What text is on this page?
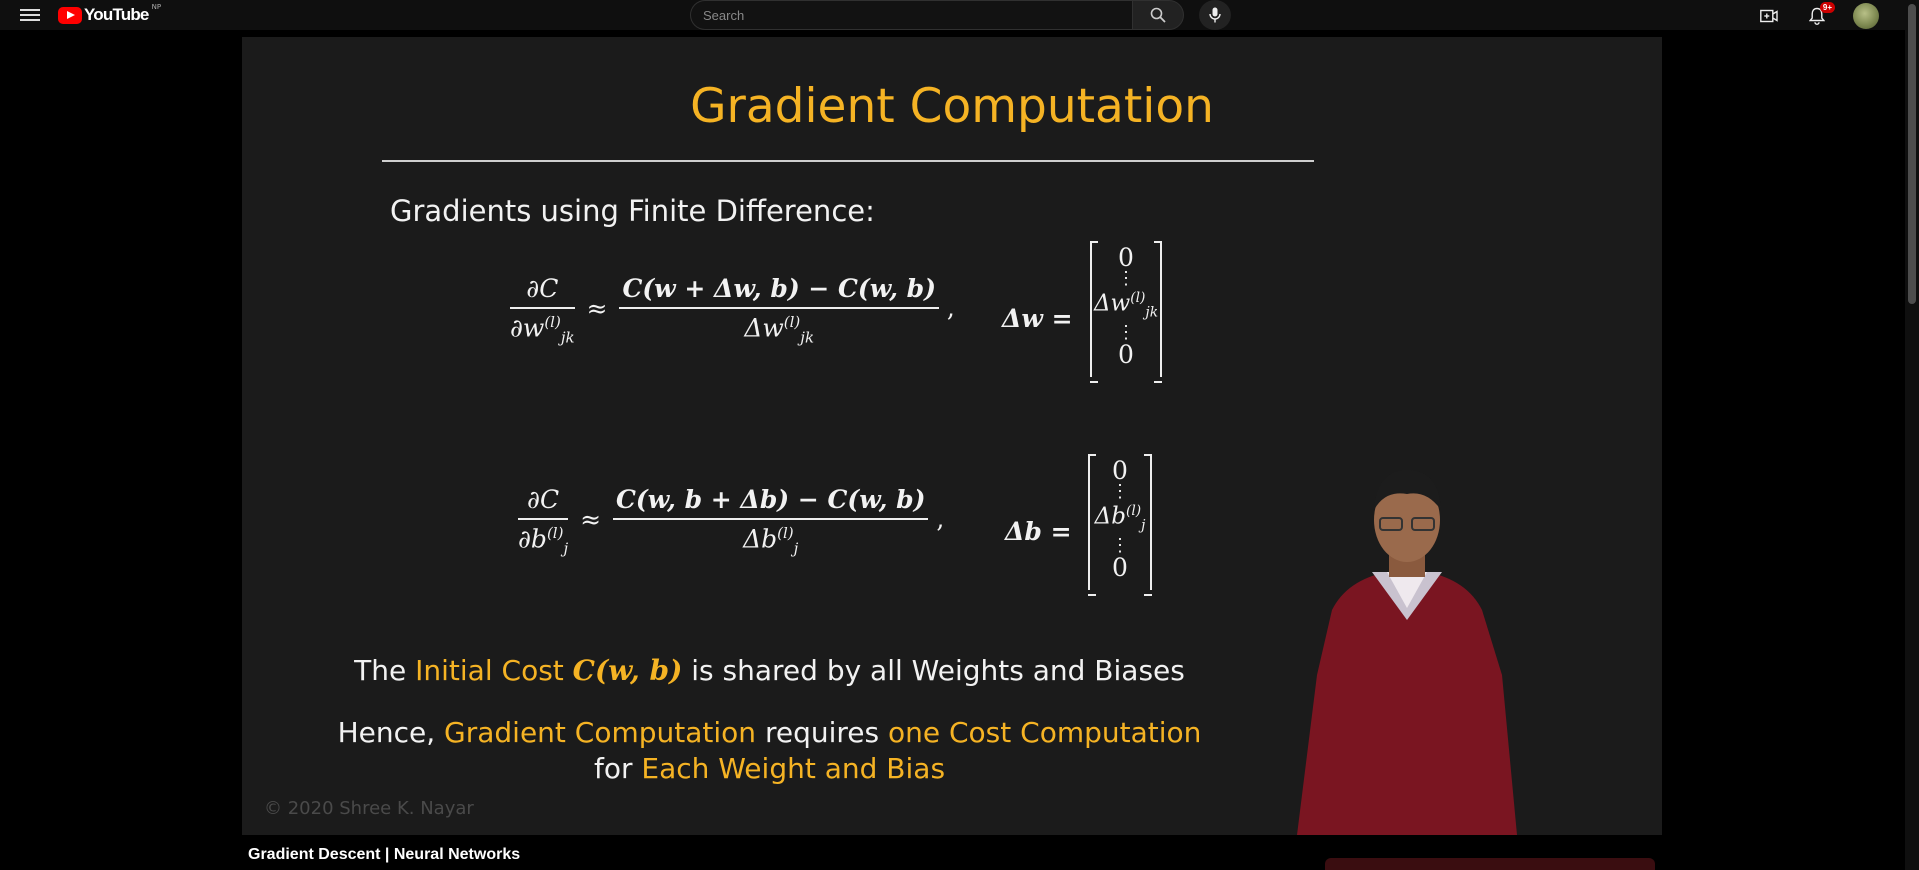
YouTube NP
Search	9+
Gradient Computation
Gradients using Finite Difference:
$\frac{\partial C}{\partial w^{(l)}_{jk}} \approx \frac{C(w + \Delta w, b) - C(w, b)}{\Delta w^{(l)}_{jk}}$ , Δw =
0
⋮
$\Delta w^{(l)}_{jk}$
⋮
0
$\frac{\partial C}{\partial b^{(l)}_j} \approx \frac{C(w, b + \Delta b) - C(w, b)}{\Delta b^{(l)}_j}$ , Δb =
0
⋮
$\Delta b^{(l)}_j$
⋮
0
The Initial Cost C(w, b) is shared by all Weights and Biases
Hence, Gradient Computation requires one Cost Computation
for Each Weight and Bias
© 2020 Shree K. Nayar
Gradient Descent | Neural Networks
